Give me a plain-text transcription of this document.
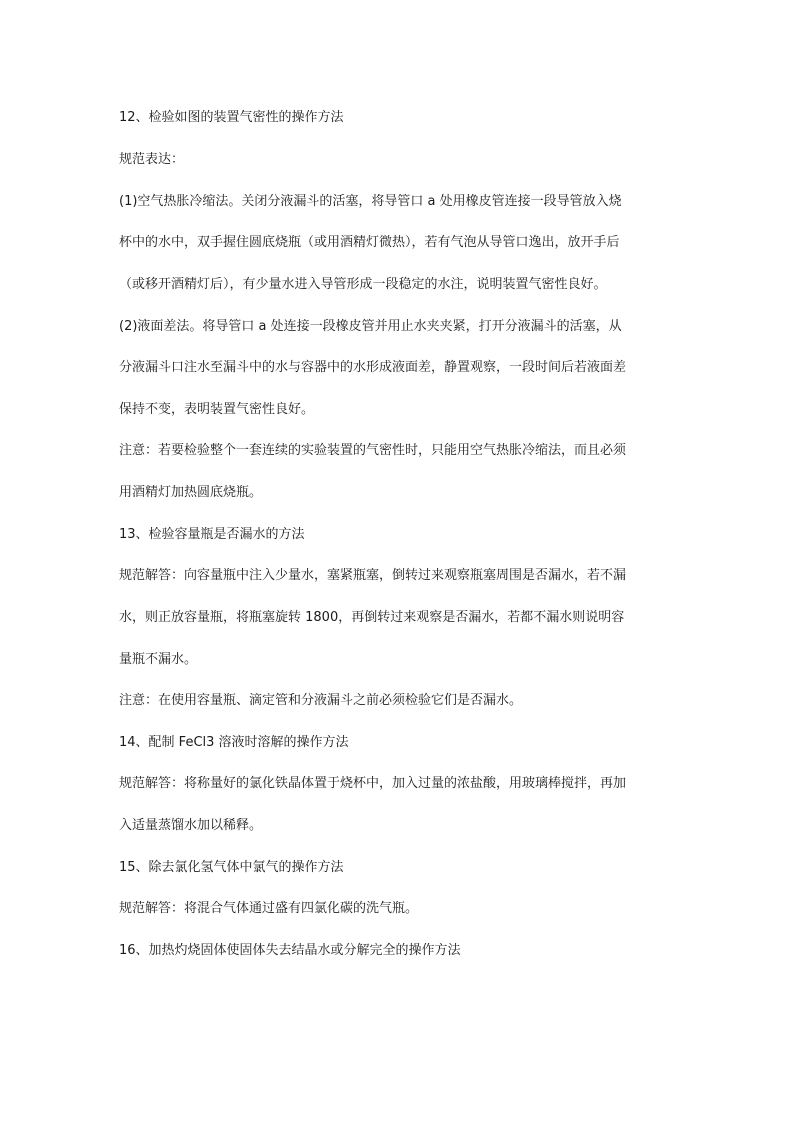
12、检验如图的装置气密性的操作方法
规范表达：
(1)空气热胀冷缩法。关闭分液漏斗的活塞，将导管口 a 处用橡皮管连接一段导管放入烧
杯中的水中，双手握住圆底烧瓶（或用酒精灯微热），若有气泡从导管口逸出，放开手后
（或移开酒精灯后），有少量水进入导管形成一段稳定的水注，说明装置气密性良好。
(2)液面差法。将导管口 a 处连接一段橡皮管并用止水夹夹紧，打开分液漏斗的活塞，从
分液漏斗口注水至漏斗中的水与容器中的水形成液面差，静置观察，一段时间后若液面差
保持不变，表明装置气密性良好。
注意：若要检验整个一套连续的实验装置的气密性时，只能用空气热胀冷缩法，而且必须
用酒精灯加热圆底烧瓶。
13、检验容量瓶是否漏水的方法
规范解答：向容量瓶中注入少量水，塞紧瓶塞，倒转过来观察瓶塞周围是否漏水，若不漏
水，则正放容量瓶，将瓶塞旋转 1800，再倒转过来观察是否漏水，若都不漏水则说明容
量瓶不漏水。
注意：在使用容量瓶、滴定管和分液漏斗之前必须检验它们是否漏水。
14、配制 FeCl3 溶液时溶解的操作方法
规范解答：将称量好的氯化铁晶体置于烧杯中，加入过量的浓盐酸，用玻璃棒搅拌，再加
入适量蒸馏水加以稀释。
15、除去氯化氢气体中氯气的操作方法
规范解答：将混合气体通过盛有四氯化碳的洗气瓶。
16、加热灼烧固体使固体失去结晶水或分解完全的操作方法
